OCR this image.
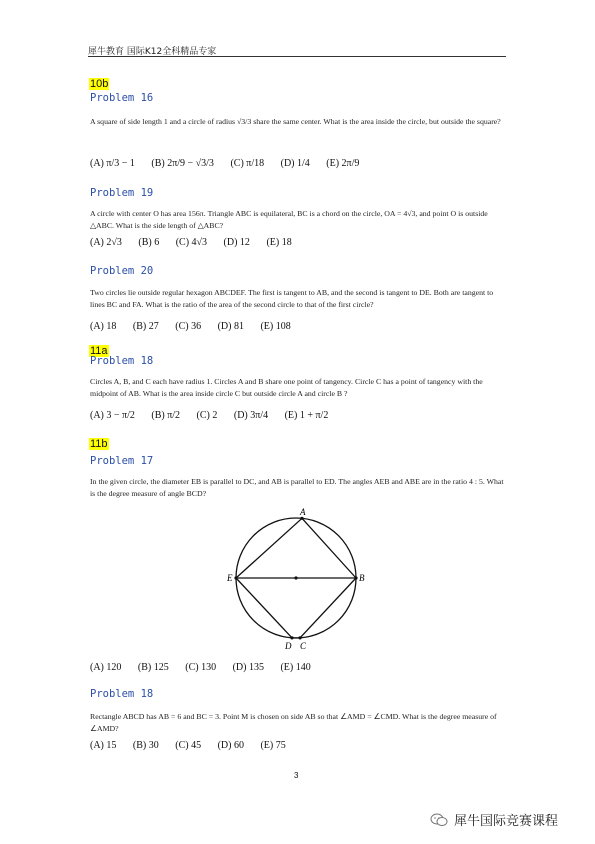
犀牛教育 国际K12全科精品专家
10b
Problem 16
A square of side length 1 and a circle of radius √3/3 share the same center. What is the area inside the circle, but outside the square?
(A) π/3 − 1 (B) 2π/9 − √3/3 (C) π/18 (D) 1/4 (E) 2π/9
Problem 19
A circle with center O has area 156π. Triangle ABC is equilateral, BC is a chord on the circle, OA = 4√3, and point O is outside △ABC. What is the side length of △ABC?
(A) 2√3 (B) 6 (C) 4√3 (D) 12 (E) 18
Problem 20
Two circles lie outside regular hexagon ABCDEF. The first is tangent to AB, and the second is tangent to DE. Both are tangent to lines BC and FA. What is the ratio of the area of the second circle to that of the first circle?
(A) 18 (B) 27 (C) 36 (D) 81 (E) 108
11a
Problem 18
Circles A, B, and C each have radius 1. Circles A and B share one point of tangency. Circle C has a point of tangency with the midpoint of AB. What is the area inside circle C but outside circle A and circle B ?
(A) 3 − π/2 (B) π/2 (C) 2 (D) 3π/4 (E) 1 + π/2
11b
Problem 17
In the given circle, the diameter EB is parallel to DC, and AB is parallel to ED. The angles AEB and ABE are in the ratio 4 : 5. What is the degree measure of angle BCD?
A
B
E
D C
(A) 120 (B) 125 (C) 130 (D) 135 (E) 140
Problem 18
Rectangle ABCD has AB = 6 and BC = 3. Point M is chosen on side AB so that ∠AMD = ∠CMD. What is the degree measure of ∠AMD?
(A) 15 (B) 30 (C) 45 (D) 60 (E) 75
3
犀牛国际竞赛课程
